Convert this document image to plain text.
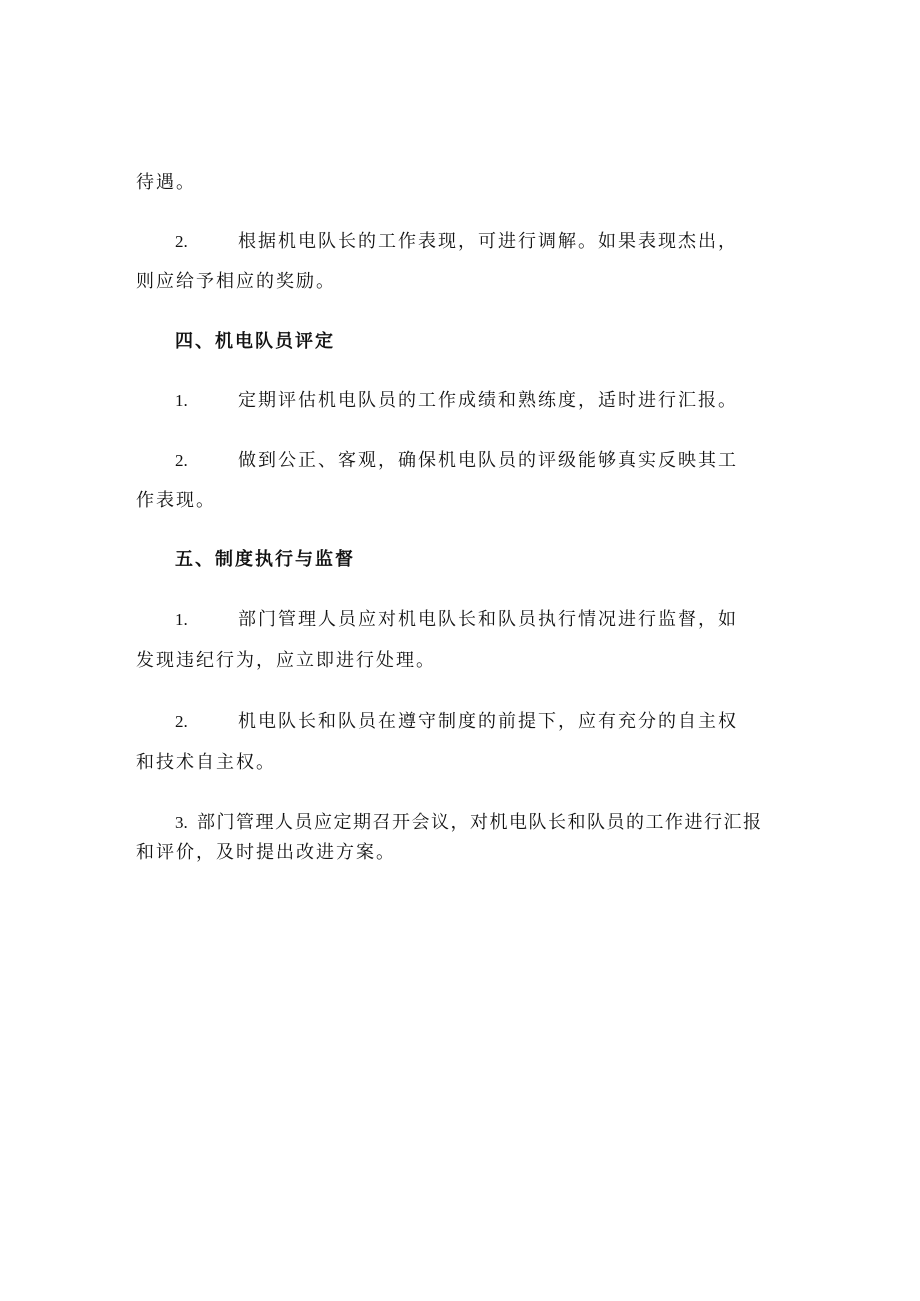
待遇。
2.	根据机电队长的工作表现，可进行调解。如果表现杰出，
则应给予相应的奖励。
四、机电队员评定
1.	定期评估机电队员的工作成绩和熟练度，适时进行汇报。
2.	做到公正、客观，确保机电队员的评级能够真实反映其工
作表现。
五、制度执行与监督
1.	部门管理人员应对机电队长和队员执行情况进行监督，如
发现违纪行为，应立即进行处理。
2.	机电队长和队员在遵守制度的前提下，应有充分的自主权
和技术自主权。
3. 部门管理人员应定期召开会议，对机电队长和队员的工作进行汇报
和评价，及时提出改进方案。
